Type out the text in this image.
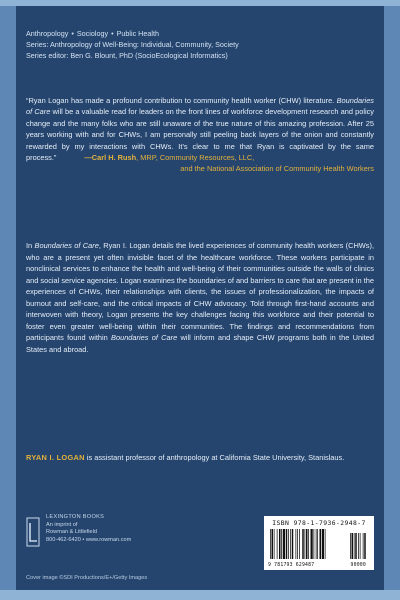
Anthropology • Sociology • Public Health
Series: Anthropology of Well-Being: Individual, Community, Society
Series editor: Ben G. Blount, PhD (SocioEcological Informatics)
“Ryan Logan has made a profound contribution to community health worker (CHW) literature. Boundaries of Care will be a valuable read for leaders on the front lines of workforce development research and policy change and the many folks who are still unaware of the true nature of this amazing profession. After 25 years working with and for CHWs, I am personally still peeling back layers of the onion and constantly rewarded by my interactions with CHWs. It’s clear to me that Ryan is captivated by the same process.”	—Carl H. Rush, MRP, Community Resources, LLC,
and the National Association of Community Health Workers
In Boundaries of Care, Ryan I. Logan details the lived experiences of community health workers (CHWs), who are a present yet often invisible facet of the healthcare workforce. These workers participate in nonclinical services to enhance the health and well-being of their communities outside the walls of clinics and social service agencies. Logan examines the boundaries of and barriers to care that are present in the experiences of CHWs, their relationships with clients, the issues of professionalization, the impacts of burnout and self-care, and the critical impacts of CHW advocacy. Told through first-hand accounts and interwoven with theory, Logan presents the key challenges facing this workforce and their potential to foster even greater well-being within their communities. The findings and recommendations from participants found within Boundaries of Care will inform and shape CHW programs both in the United States and abroad.
RYAN I. LOGAN is assistant professor of anthropology at California State University, Stanislaus.
LEXINGTON BOOKS
An imprint of
Rowman & Littlefield
800-462-6420 • www.rowman.com
ISBN 978-1-7936-2948-7
9 781793 629487	90000
Cover image ©SDI Productions/E+/Getty Images
